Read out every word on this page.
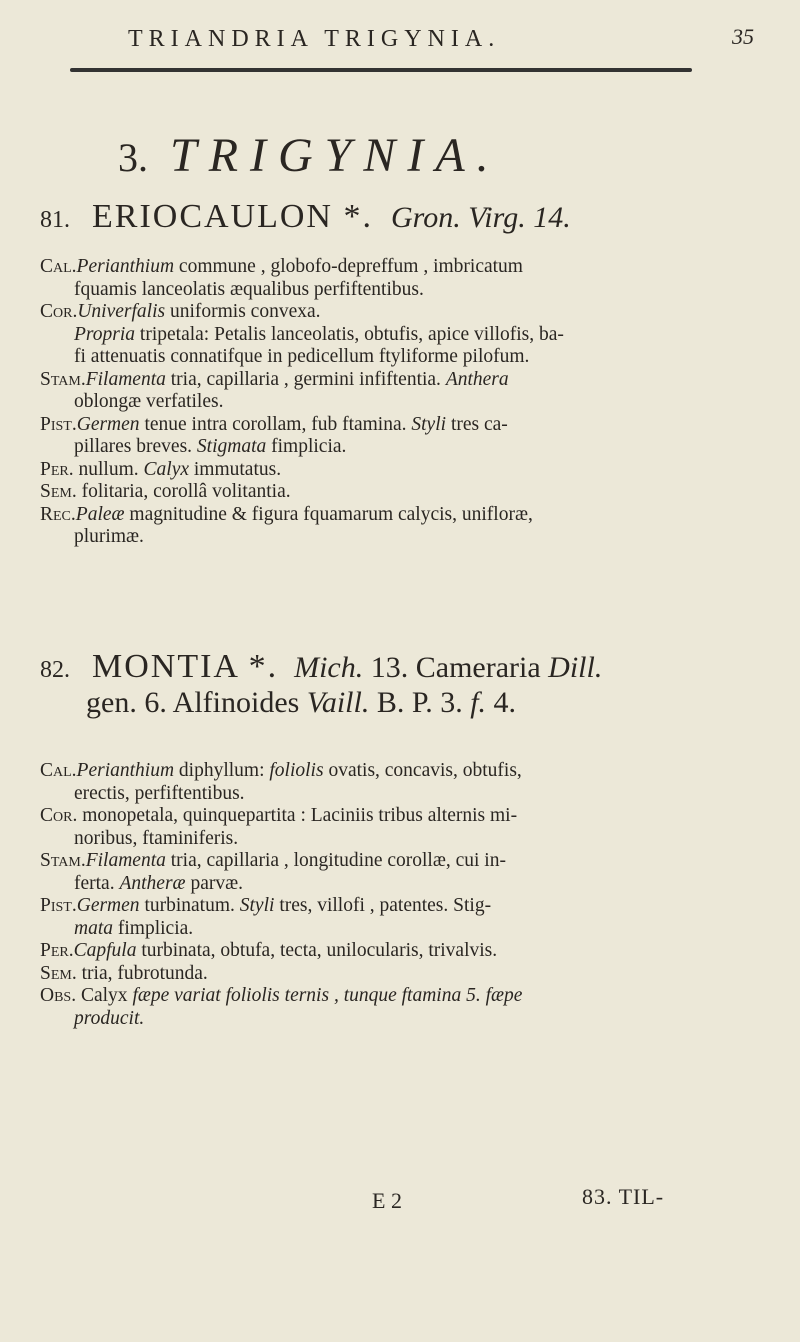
TRIANDRIA TRIGYNIA.	35
3. TRIGYNIA.
81. ERIOCAULON *. Gron. Virg. 14.
Cal.Perianthium commune , globofo-depreffum , imbricatum
fquamis lanceolatis æqualibus perfiftentibus.
Cor.Univerfalis uniformis convexa.
Propria tripetala: Petalis lanceolatis, obtufis, apice villofis, ba-
fi attenuatis connatifque in pedicellum ftyliforme pilofum.
Stam.Filamenta tria, capillaria , germini infiftentia. Anthera
oblongæ verfatiles.
Pist.Germen tenue intra corollam, fub ftamina. Styli tres ca-
pillares breves. Stigmata fimplicia.
Per. nullum. Calyx immutatus.
Sem. folitaria, corollâ volitantia.
Rec.Paleæ magnitudine & figura fquamarum calycis, unifloræ,
plurimæ.
82. MONTIA *. Mich. 13. Cameraria Dill.
gen. 6. Alfinoides Vaill. B. P. 3. f. 4.
Cal.Perianthium diphyllum: foliolis ovatis, concavis, obtufis,
erectis, perfiftentibus.
Cor. monopetala, quinquepartita : Laciniis tribus alternis mi-
noribus, ftaminiferis.
Stam.Filamenta tria, capillaria , longitudine corollæ, cui in-
ferta. Antheræ parvæ.
Pist.Germen turbinatum. Styli tres, villofi , patentes. Stig-
mata fimplicia.
Per.Capfula turbinata, obtufa, tecta, unilocularis, trivalvis.
Sem. tria, fubrotunda.
Obs. Calyx fæpe variat foliolis ternis , tunque ftamina 5. fæpe
producit.
E 2	83. TIL-
